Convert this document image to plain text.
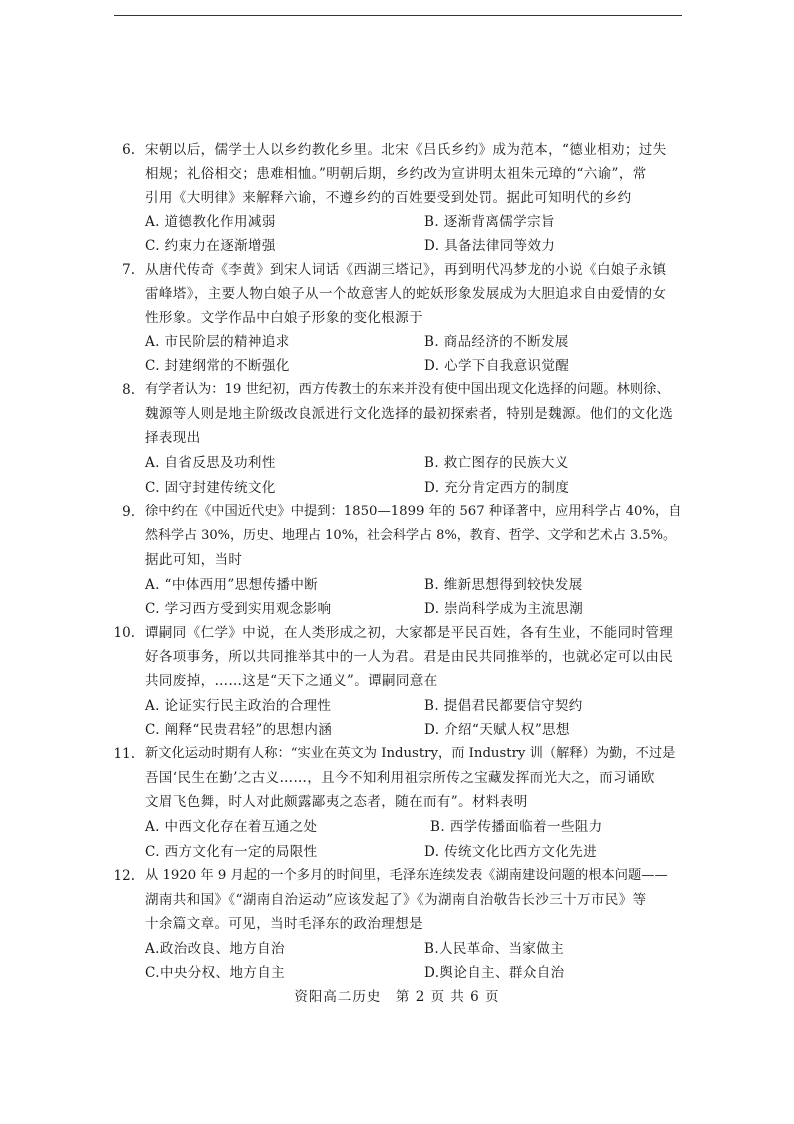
6. 宋朝以后，儒学士人以乡约教化乡里。北宋《吕氏乡约》成为范本，“德业相劝；过失
相规；礼俗相交；患难相恤。”明朝后期，乡约改为宣讲明太祖朱元璋的“六谕”，常
引用《大明律》来解释六谕，不遵乡约的百姓要受到处罚。据此可知明代的乡约
A. 道德教化作用减弱	B. 逐渐背离儒学宗旨
C. 约束力在逐渐增强	D. 具备法律同等效力
7. 从唐代传奇《李黄》到宋人词话《西湖三塔记》，再到明代冯梦龙的小说《白娘子永镇
雷峰塔》，主要人物白娘子从一个故意害人的蛇妖形象发展成为大胆追求自由爱情的女
性形象。文学作品中白娘子形象的变化根源于
A. 市民阶层的精神追求	B. 商品经济的不断发展
C. 封建纲常的不断强化	D. 心学下自我意识觉醒
8. 有学者认为：19 世纪初，西方传教士的东来并没有使中国出现文化选择的问题。林则徐、
魏源等人则是地主阶级改良派进行文化选择的最初探索者，特别是魏源。他们的文化选
择表现出
A. 自省反思及功利性	B. 救亡图存的民族大义
C. 固守封建传统文化	D. 充分肯定西方的制度
9. 徐中约在《中国近代史》中提到：1850—1899 年的 567 种译著中，应用科学占 40%，自
然科学占 30%，历史、地理占 10%，社会科学占 8%，教育、哲学、文学和艺术占 3.5%。
据此可知，当时
A. “中体西用”思想传播中断	B. 维新思想得到较快发展
C. 学习西方受到实用观念影响	D. 崇尚科学成为主流思潮
10. 谭嗣同《仁学》中说，在人类形成之初，大家都是平民百姓，各有生业，不能同时管理
好各项事务，所以共同推举其中的一人为君。君是由民共同推举的，也就必定可以由民
共同废掉，……这是“天下之通义”。谭嗣同意在
A. 论证实行民主政治的合理性	B. 提倡君民都要信守契约
C. 阐释“民贵君轻”的思想内涵	D. 介绍“天赋人权”思想
11. 新文化运动时期有人称：“实业在英文为 Industry，而 Industry 训（解释）为勤，不过是
吾国‘民生在勤’之古义……，且今不知利用祖宗所传之宝藏发挥而光大之，而习诵欧
文眉飞色舞，时人对此颇露鄙夷之态者，随在而有”。材料表明
A. 中西文化存在着互通之处	B. 西学传播面临着一些阻力
C. 西方文化有一定的局限性	D. 传统文化比西方文化先进
12. 从 1920 年 9 月起的一个多月的时间里，毛泽东连续发表《湖南建设问题的根本问题——
湖南共和国》《“湖南自治运动”应该发起了》《为湖南自治敬告长沙三十万市民》等
十余篇文章。可见，当时毛泽东的政治理想是
A.政治改良、地方自治	B.人民革命、当家做主
C.中央分权、地方自主	D.舆论自主、群众自治
资阳高二历史　第 2 页 共 6 页
